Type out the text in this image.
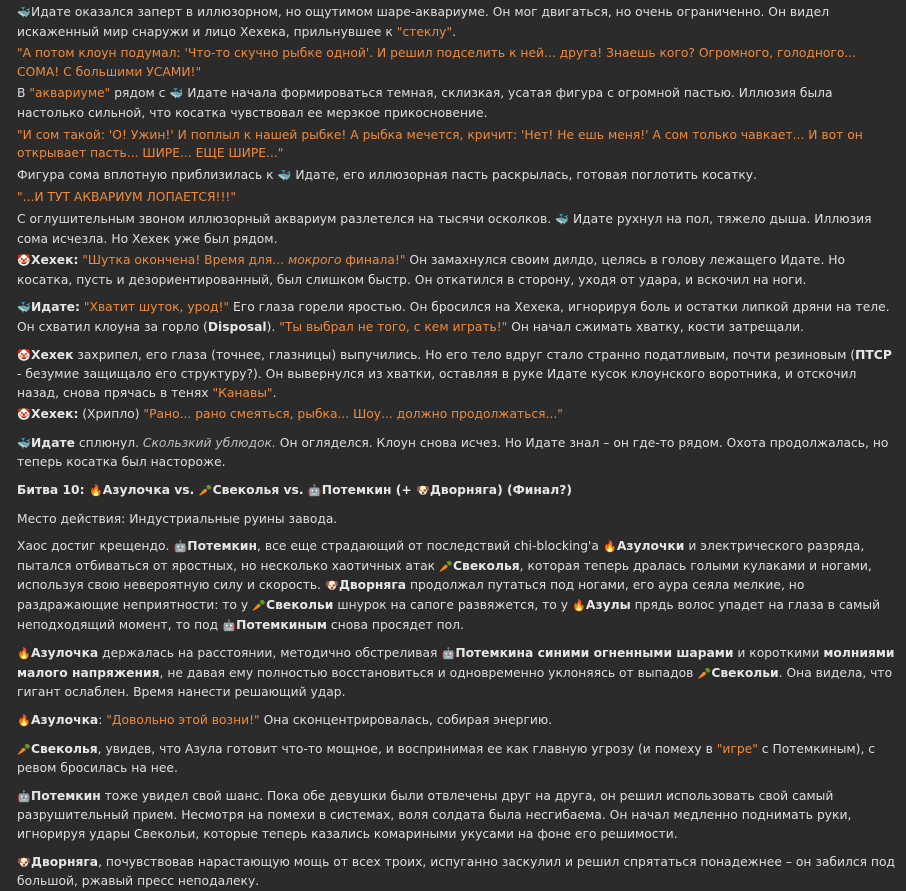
🐳Идате оказался заперт в иллюзорном, но ощутимом шаре-аквариуме. Он мог двигаться, но очень ограниченно. Он видел искаженный мир снаружи и лицо Хехека, прильнувшее к "стеклу".
"А потом клоун подумал: 'Что-то скучно рыбке одной'. И решил подселить к ней... друга! Знаешь кого? Огромного, голодного... СОМА! С большими УСАМИ!"
В "аквариуме" рядом с 🐳 Идате начала формироваться темная, склизкая, усатая фигура с огромной пастью. Иллюзия была настолько сильной, что косатка чувствовал ее мерзкое прикосновение.
"И сом такой: 'О! Ужин!' И поплыл к нашей рыбке! А рыбка мечется, кричит: 'Нет! Не ешь меня!' А сом только чавкает... И вот он открывает пасть... ШИРЕ... ЕЩЕ ШИРЕ..."
Фигура сома вплотную приблизилась к 🐳 Идате, его иллюзорная пасть раскрылась, готовая поглотить косатку.
"...И ТУТ АКВАРИУМ ЛОПАЕТСЯ!!!"
С оглушительным звоном иллюзорный аквариум разлетелся на тысячи осколков. 🐳 Идате рухнул на пол, тяжело дыша. Иллюзия сома исчезла. Но Хехек уже был рядом.
🤡Хехек: "Шутка окончена! Время для... мокрого финала!" Он замахнулся своим дилдо, целясь в голову лежащего Идате. Но косатка, пусть и дезориентированный, был слишком быстр. Он откатился в сторону, уходя от удара, и вскочил на ноги.
🐳Идате: "Хватит шуток, урод!" Его глаза горели яростью. Он бросился на Хехека, игнорируя боль и остатки липкой дряни на теле. Он схватил клоуна за горло (Disposal). "Ты выбрал не того, с кем играть!" Он начал сжимать хватку, кости затрещали.
🤡Хехек захрипел, его глаза (точнее, глазницы) выпучились. Но его тело вдруг стало странно податливым, почти резиновым (ПТСР - безумие защищало его структуру?). Он вывернулся из хватки, оставляя в руке Идате кусок клоунского воротника, и отскочил назад, снова прячась в тенях "Канавы".
🤡Хехек: (Хрипло) "Рано... рано смеяться, рыбка... Шоу... должно продолжаться..."
🐳Идате сплюнул. Скользкий ублюдок. Он огляделся. Клоун снова исчез. Но Идате знал – он где-то рядом. Охота продолжалась, но теперь косатка был настороже.
Битва 10: 🔥Азулочка vs. 🥕Свеколья vs. 🤖Потемкин (+ 🐶Дворняга) (Финал?)
Место действия: Индустриальные руины завода.
Хаос достиг крещендо. 🤖Потемкин, все еще страдающий от последствий chi-blocking'а 🔥Азулочки и электрического разряда, пытался отбиваться от яростных, но несколько хаотичных атак 🥕Свеколья, которая теперь дралась голыми кулаками и ногами, используя свою невероятную силу и скорость. 🐶Дворняга продолжал путаться под ногами, его аура сеяла мелкие, но раздражающие неприятности: то у 🥕Свекольи шнурок на сапоге развяжется, то у 🔥Азулы прядь волос упадет на глаза в самый неподходящий момент, то под 🤖Потемкиным снова просядет пол.
🔥Азулочка держалась на расстоянии, методично обстреливая 🤖Потемкина синими огненными шарами и короткими молниями малого напряжения, не давая ему полностью восстановиться и одновременно уклоняясь от выпадов 🥕Свекольи. Она видела, что гигант ослаблен. Время нанести решающий удар.
🔥Азулочка: "Довольно этой возни!" Она сконцентрировалась, собирая энергию.
🥕Свеколья, увидев, что Азула готовит что-то мощное, и воспринимая ее как главную угрозу (и помеху в "игре" с Потемкиным), с ревом бросилась на нее.
🤖Потемкин тоже увидел свой шанс. Пока обе девушки были отвлечены друг на друга, он решил использовать свой самый разрушительный прием. Несмотря на помехи в системах, воля солдата была несгибаема. Он начал медленно поднимать руки, игнорируя удары Свекольи, которые теперь казались комариными укусами на фоне его решимости.
🐶Дворняга, почувствовав нарастающую мощь от всех троих, испуганно заскулил и решил спрятаться понадежнее – он забился под большой, ржавый пресс неподалеку.
